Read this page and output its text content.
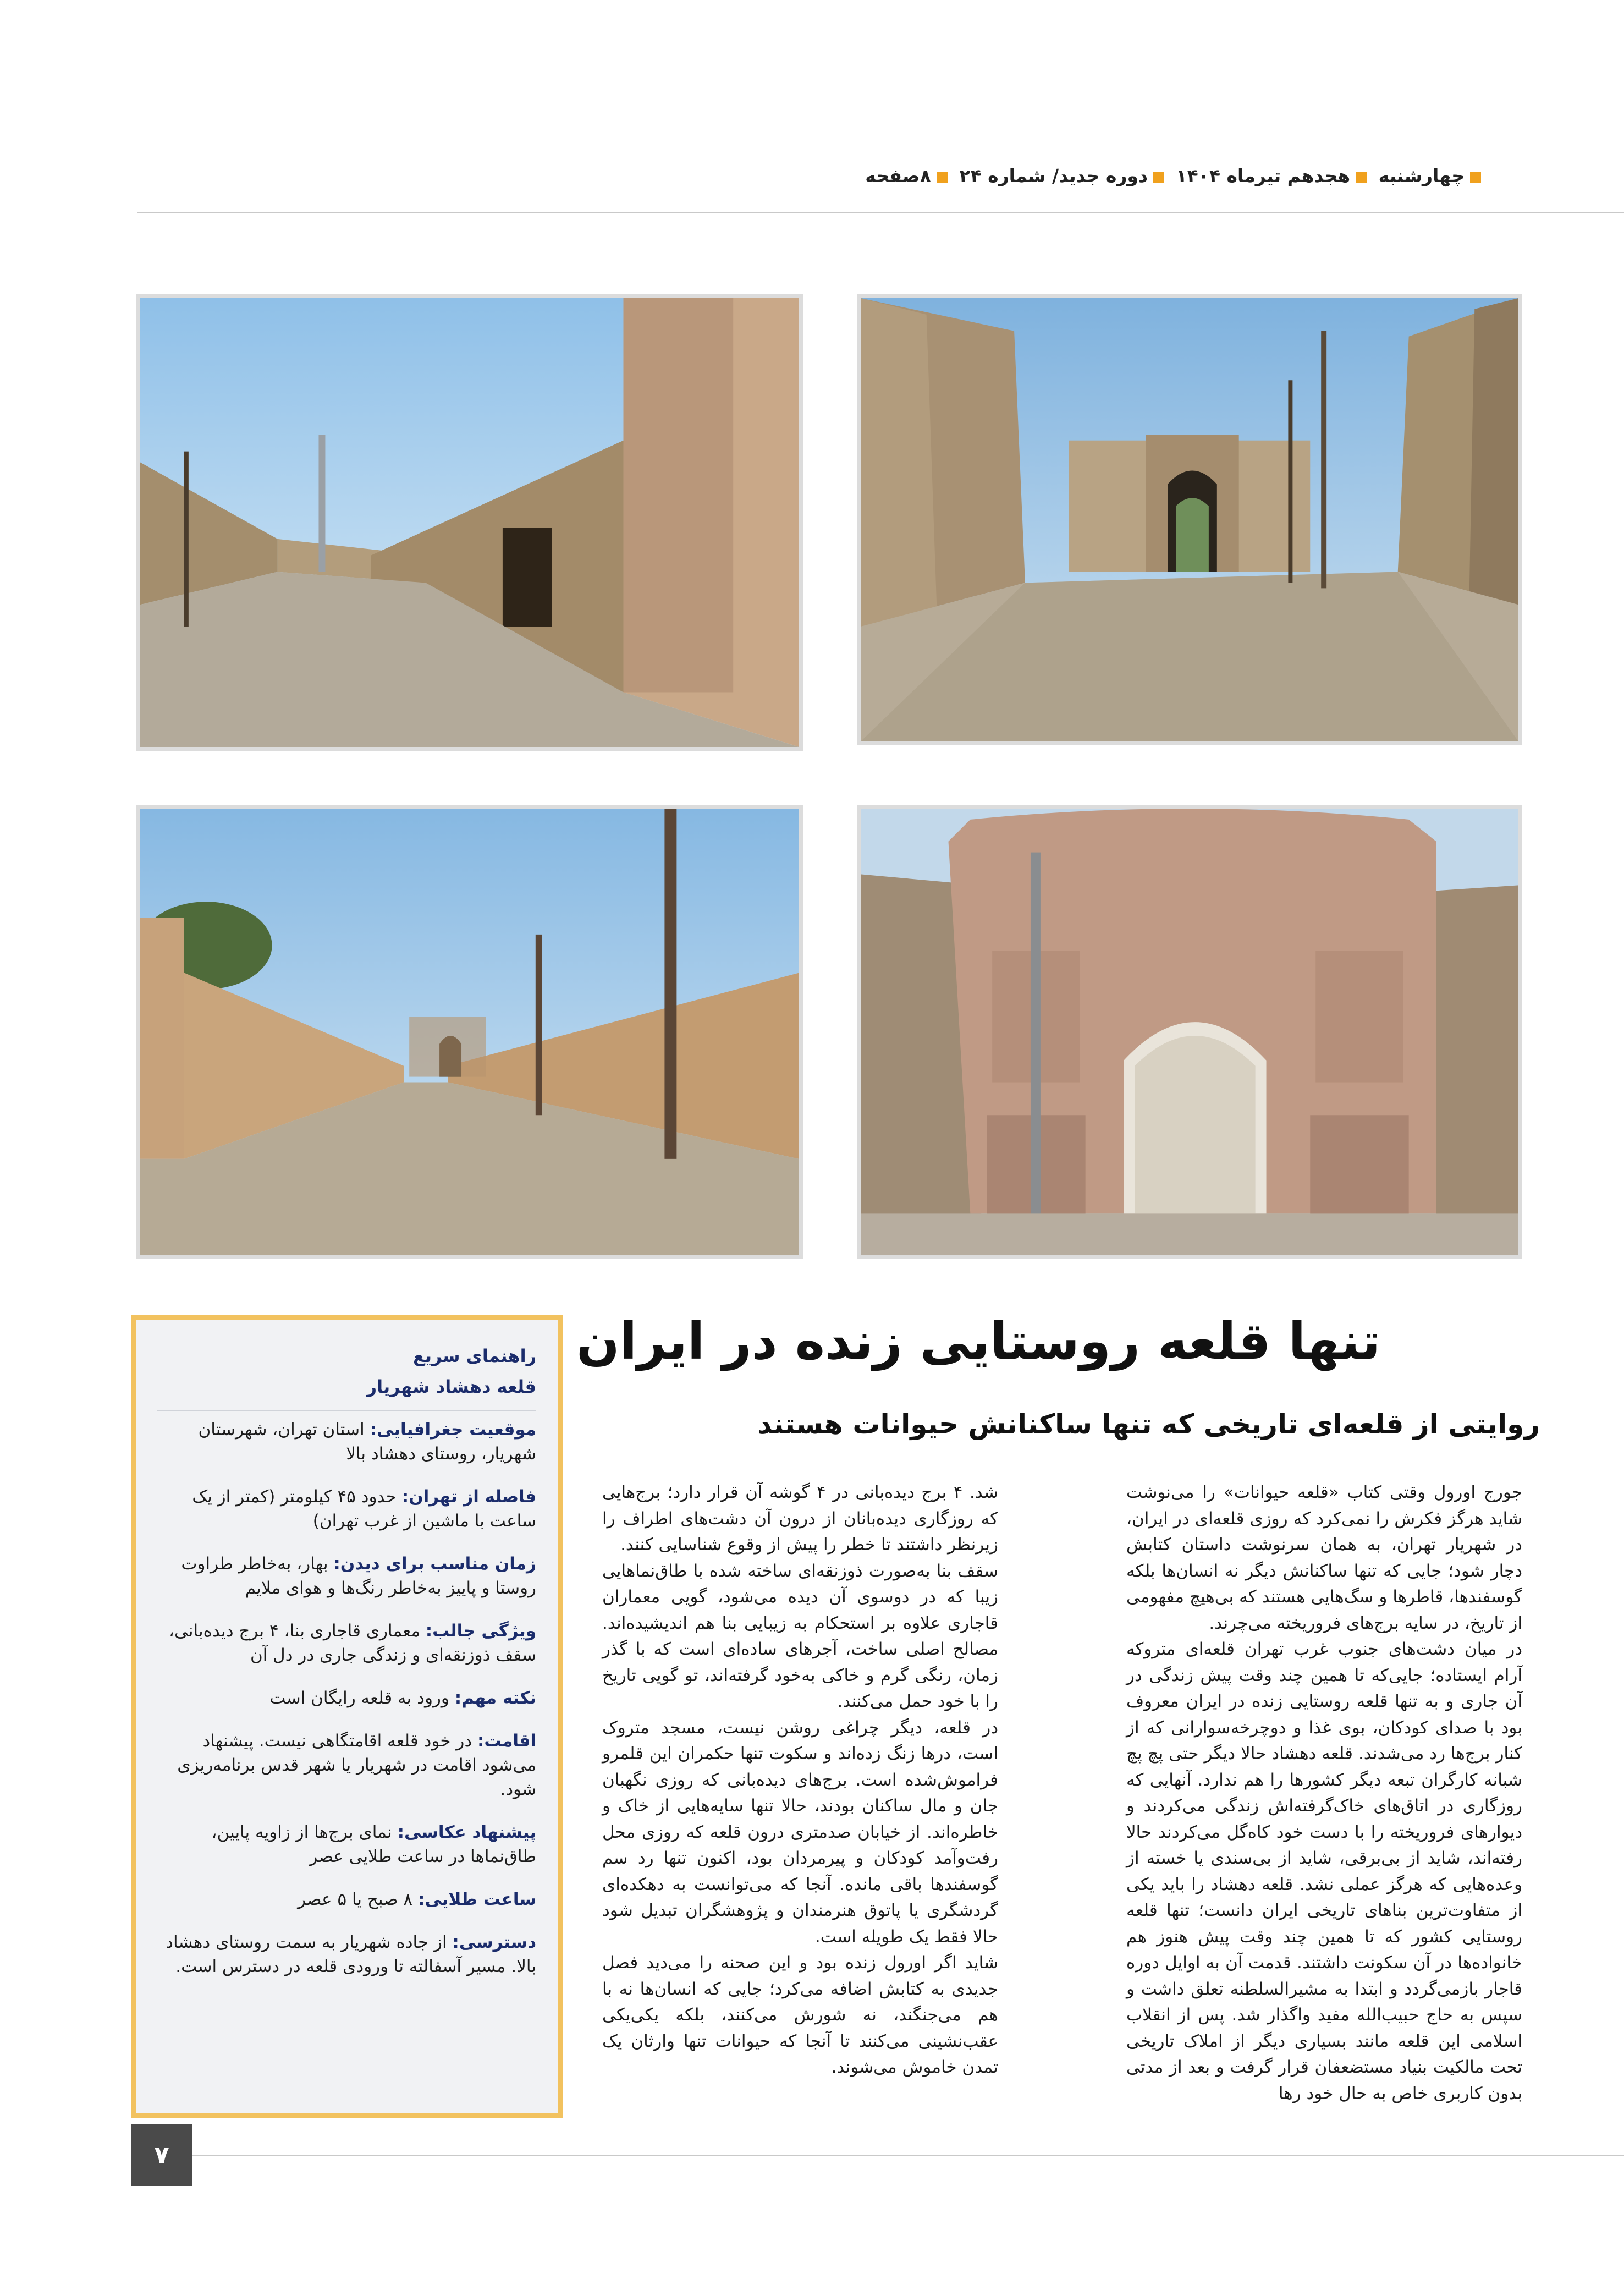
چهارشنبه هجدهم تیرماه ۱۴۰۴ دوره جدید/ شماره ۲۴ ۸صفحه
تنها قلعه روستایی زنده در ایران
روایتی از قلعه‌ای تاریخی که تنها ساکنانش حیوانات هستند

جورج اورول وقتی کتاب «قلعه حیوانات» را می‌نوشت شاید هرگز فکرش را نمی‌کرد که روزی قلعه‌ای در ایران، در شهریار تهران، به همان سرنوشت داستان کتابش دچار شود؛ جایی که تنها ساکنانش دیگر نه انسان‌ها بلکه گوسفندها، قاطرها و سگ‌هایی هستند که بی‌هیچ مفهومی از تاریخ، در سایه برج‌های فروریخته می‌چرند.

در میان دشت‌های جنوب غرب تهران قلعه‌ای متروکه آرام ایستاده؛ جایی‌که تا همین چند وقت پیش زندگی در آن جاری و به تنها قلعه روستایی زنده در ایران معروف بود با صدای کودکان، بوی غذا و دوچرخه‌سوارانی که از کنار برج‌ها رد می‌شدند. قلعه دهشاد حالا دیگر حتی پچ پچ شبانه کارگران تبعه دیگر کشورها را هم ندارد. آنهایی که روزگاری در اتاق‌های خاک‌گرفته‌اش زندگی می‌کردند و دیوارهای فروریخته را با دست خود کاه‌گل می‌کردند حالا رفته‌اند، شاید از بی‌برقی، شاید از بی‌سندی یا خسته از وعده‌هایی که هرگز عملی نشد. قلعه دهشاد را باید یکی از متفاوت‌ترین بناهای تاریخی ایران دانست؛ تنها قلعه روستایی کشور که تا همین چند وقت پیش هنوز هم خانواده‌ها در آن سکونت داشتند. قدمت آن به اوایل دوره قاجار بازمی‌گردد و ابتدا به مشیرالسلطنه تعلق داشت و سپس به حاج حبیب‌الله مفید واگذار شد. پس از انقلاب اسلامی این قلعه مانند بسیاری دیگر از املاک تاریخی تحت مالکیت بنیاد مستضعفان قرار گرفت و بعد از مدتی بدون کاربری خاص به حال خود رها

شد. ۴ برج دیده‌بانی در ۴ گوشه آن قرار دارد؛ برج‌هایی که روزگاری دیده‌بانان از درون آن دشت‌های اطراف را زیرنظر داشتند تا خطر را پیش از وقوع شناسایی کنند.

سقف بنا به‌صورت ذوزنقه‌ای ساخته شده با طاق‌نماهایی زیبا که در دوسوی آن دیده می‌شود، گویی معماران قاجاری علاوه بر استحکام به زیبایی بنا هم اندیشیده‌اند. مصالح اصلی ساخت، آجرهای ساده‌ای است که با گذر زمان، رنگی گرم و خاکی به‌خود گرفته‌اند، تو گویی تاریخ را با خود حمل می‌کنند.

در قلعه، دیگر چراغی روشن نیست، مسجد متروک است، درها زنگ زده‌اند و سکوت تنها حکمران این قلمرو فراموش‌شده است. برج‌های دیده‌بانی که روزی نگهبان جان و مال ساکنان بودند، حالا تنها سایه‌هایی از خاک و خاطره‌اند. از خیابان صدمتری درون قلعه که روزی محل رفت‌وآمد کودکان و پیرمردان بود، اکنون تنها رد سم گوسفندها باقی مانده. آنجا که می‌توانست به دهکده‌ای گردشگری یا پاتوق هنرمندان و پژوهشگران تبدیل شود حالا فقط یک طویله است.

شاید اگر اورول زنده بود و این صحنه را می‌دید فصل جدیدی به کتابش اضافه می‌کرد؛ جایی که انسان‌ها نه با هم می‌جنگند، نه شورش می‌کنند، بلکه یکی‌یکی عقب‌نشینی می‌کنند تا آنجا که حیوانات تنها وارثان یک تمدن خاموش می‌شوند.

راهنمای سریع
قلعه دهشاد شهریار
موقعیت جغرافیایی: استان تهران، شهرستان شهریار، روستای دهشاد بالا
فاصله از تهران: حدود ۴۵ کیلومتر (کمتر از یک ساعت با ماشین از غرب تهران)
زمان مناسب برای دیدن: بهار، به‌خاطر طراوت روستا و پاییز به‌خاطر رنگ‌ها و هوای ملایم
ویژگی جالب: معماری قاجاری بنا، ۴ برج دیده‌بانی، سقف ذوزنقه‌ای و زندگی جاری در دل آن
نکته مهم: ورود به قلعه رایگان است
اقامت: در خود قلعه اقامتگاهی نیست. پیشنهاد می‌شود اقامت در شهریار یا شهر قدس برنامه‌ریزی شود.
پیشنهاد عکاسی: نمای برج‌ها از زاویه پایین، طاق‌نماها در ساعت طلایی عصر
ساعت طلایی: ۸ صبح یا ۵ عصر
دسترسی: از جاده شهریار به سمت روستای دهشاد بالا. مسیر آسفالته تا ورودی قلعه در دسترس است.
۷
